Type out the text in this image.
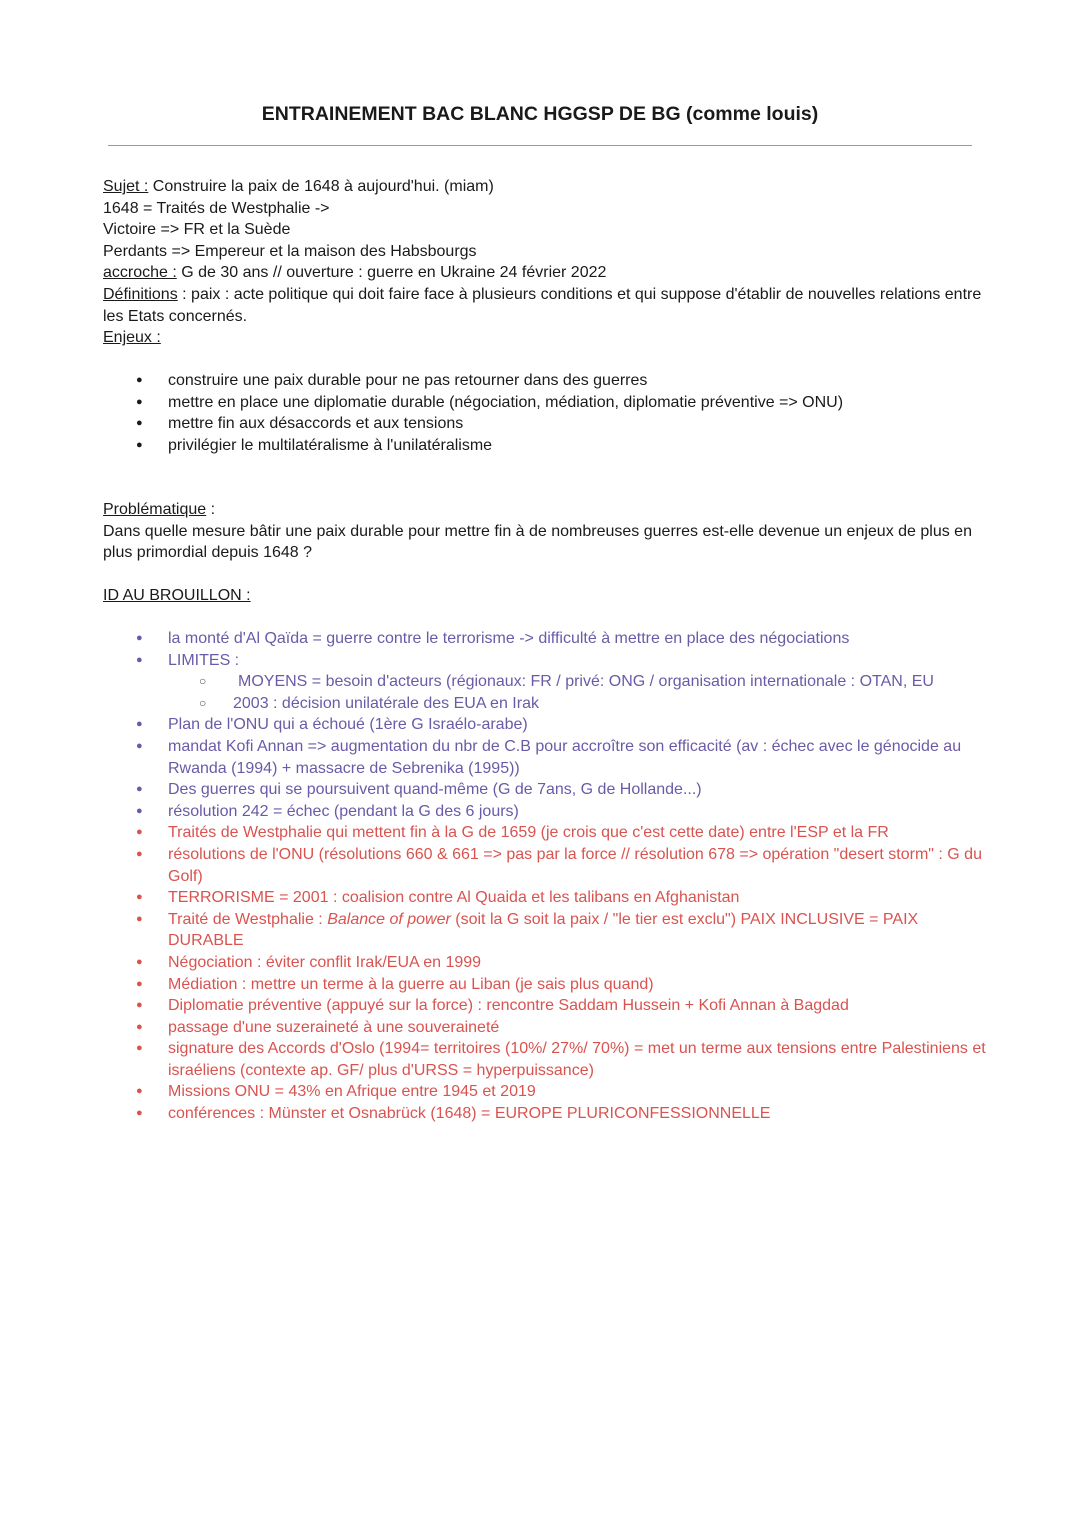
ENTRAINEMENT BAC BLANC HGGSP DE BG (comme louis)
Sujet : Construire la paix de 1648 à aujourd'hui. (miam)
1648 = Traités de Westphalie ->
Victoire => FR et la Suède
Perdants => Empereur et la maison des Habsbourgs
accroche : G de 30 ans // ouverture : guerre en Ukraine 24 février 2022
Définitions : paix : acte politique qui doit faire face à plusieurs conditions et qui suppose d'établir de nouvelles relations entre les Etats concernés.
Enjeux :
● construire une paix durable pour ne pas retourner dans des guerres
● mettre en place une diplomatie durable (négociation, médiation, diplomatie préventive => ONU)
● mettre fin aux désaccords et aux tensions
● privilégier le multilatéralisme à l'unilatéralisme
Problématique :
Dans quelle mesure bâtir une paix durable pour mettre fin à de nombreuses guerres est-elle devenue un enjeux de plus en plus primordial depuis 1648 ?
ID AU BROUILLON :
● la monté d'Al Qaïda = guerre contre le terrorisme -> difficulté à mettre en place des négociations
● LIMITES :
○ MOYENS = besoin d'acteurs (régionaux: FR / privé: ONG / organisation internationale : OTAN, EU
○ 2003 : décision unilatérale des EUA en Irak
● Plan de l'ONU qui a échoué (1ère G Israélo-arabe)
● mandat Kofi Annan => augmentation du nbr de C.B pour accroître son efficacité (av : échec avec le génocide au Rwanda (1994) + massacre de Sebrenika (1995))
● Des guerres qui se poursuivent quand-même (G de 7ans, G de Hollande...)
● résolution 242 = échec (pendant la G des 6 jours)
● Traités de Westphalie qui mettent fin à la G de 1659 (je crois que c'est cette date) entre l'ESP et la FR
● résolutions de l'ONU (résolutions 660 & 661 => pas par la force // résolution 678 => opération "desert storm" : G du Golf)
● TERRORISME = 2001 : coalision contre Al Quaida et les talibans en Afghanistan
● Traité de Westphalie : Balance of power (soit la G soit la paix / "le tier est exclu") PAIX INCLUSIVE = PAIX DURABLE
● Négociation : éviter conflit Irak/EUA en 1999
● Médiation : mettre un terme à la guerre au Liban (je sais plus quand)
● Diplomatie préventive (appuyé sur la force) : rencontre Saddam Hussein + Kofi Annan à Bagdad
● passage d'une suzeraineté à une souveraineté
● signature des Accords d'Oslo (1994= territoires (10%/ 27%/ 70%) = met un terme aux tensions entre Palestiniens et israéliens (contexte ap. GF/ plus d'URSS = hyperpuissance)
● Missions ONU = 43% en Afrique entre 1945 et 2019
● conférences : Münster et Osnabrück (1648) = EUROPE PLURICONFESSIONNELLE
